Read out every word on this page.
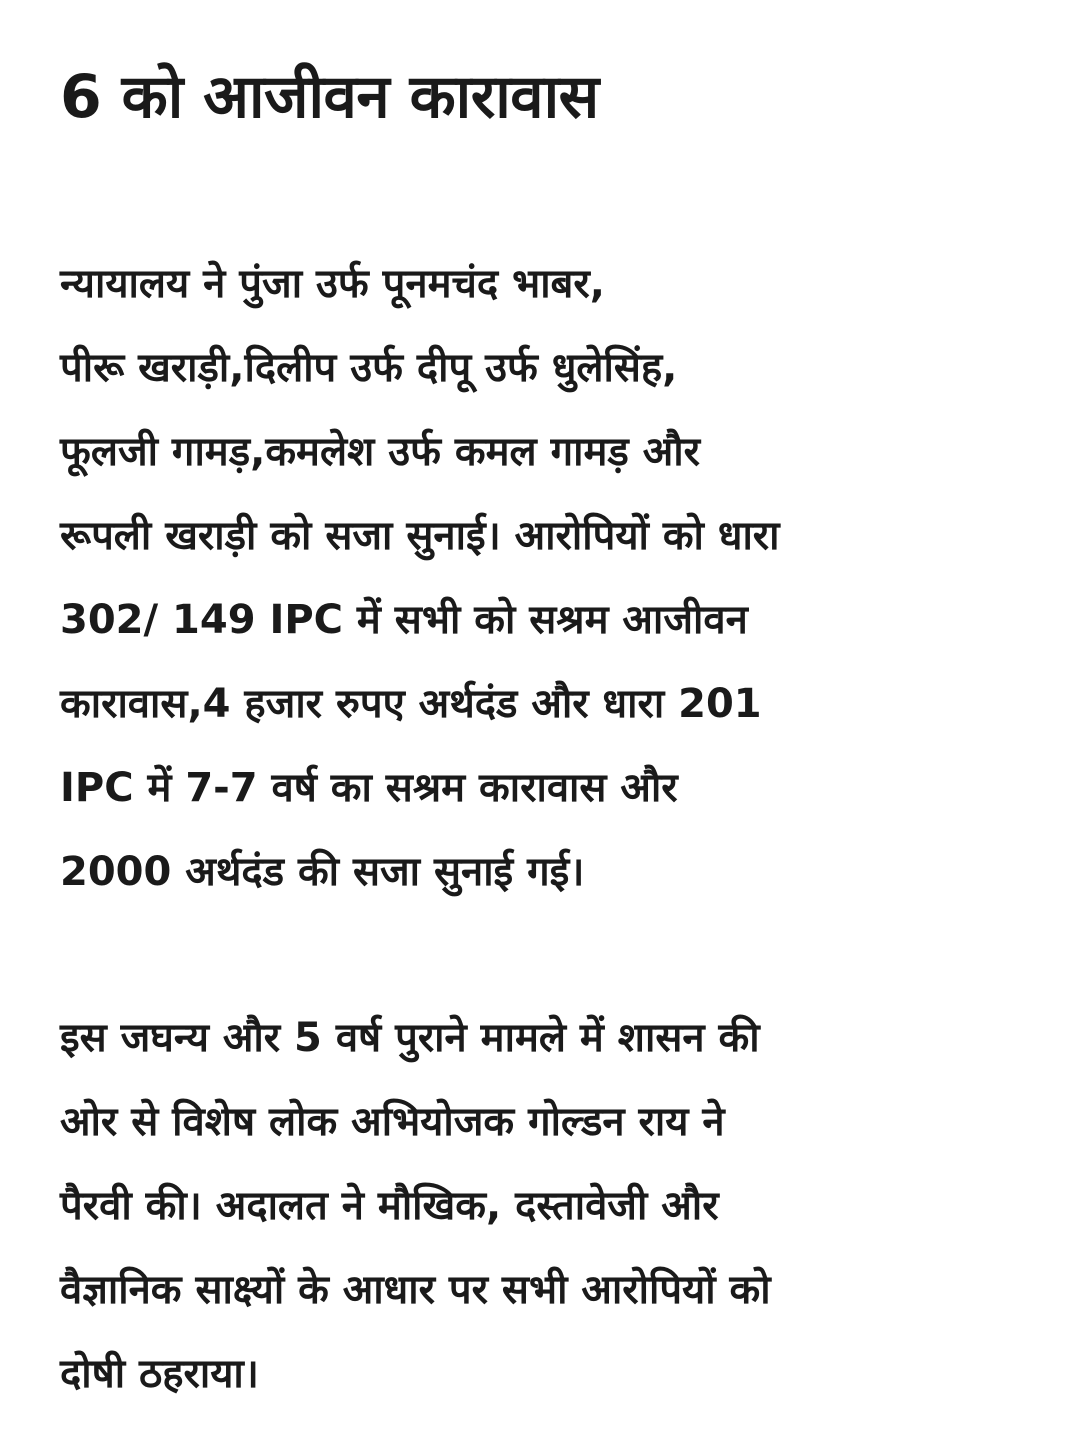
6 को आजीवन कारावास

न्यायालय ने पुंजा उर्फ पूनमचंद भाबर,
पीरू खराड़ी,दिलीप उर्फ दीपू उर्फ धुलेसिंह,
फूलजी गामड़,कमलेश उर्फ कमल गामड़ और
रूपली खराड़ी को सजा सुनाई। आरोपियों को धारा
302/ 149 IPC में सभी को सश्रम आजीवन
कारावास,4 हजार रुपए अर्थदंड और धारा 201
IPC में 7-7 वर्ष का सश्रम कारावास और
2000 अर्थदंड की सजा सुनाई गई।

इस जघन्य और 5 वर्ष पुराने मामले में शासन की
ओर से विशेष लोक अभियोजक गोल्डन राय ने
पैरवी की। अदालत ने मौखिक, दस्तावेजी और
वैज्ञानिक साक्ष्यों के आधार पर सभी आरोपियों को
दोषी ठहराया।
